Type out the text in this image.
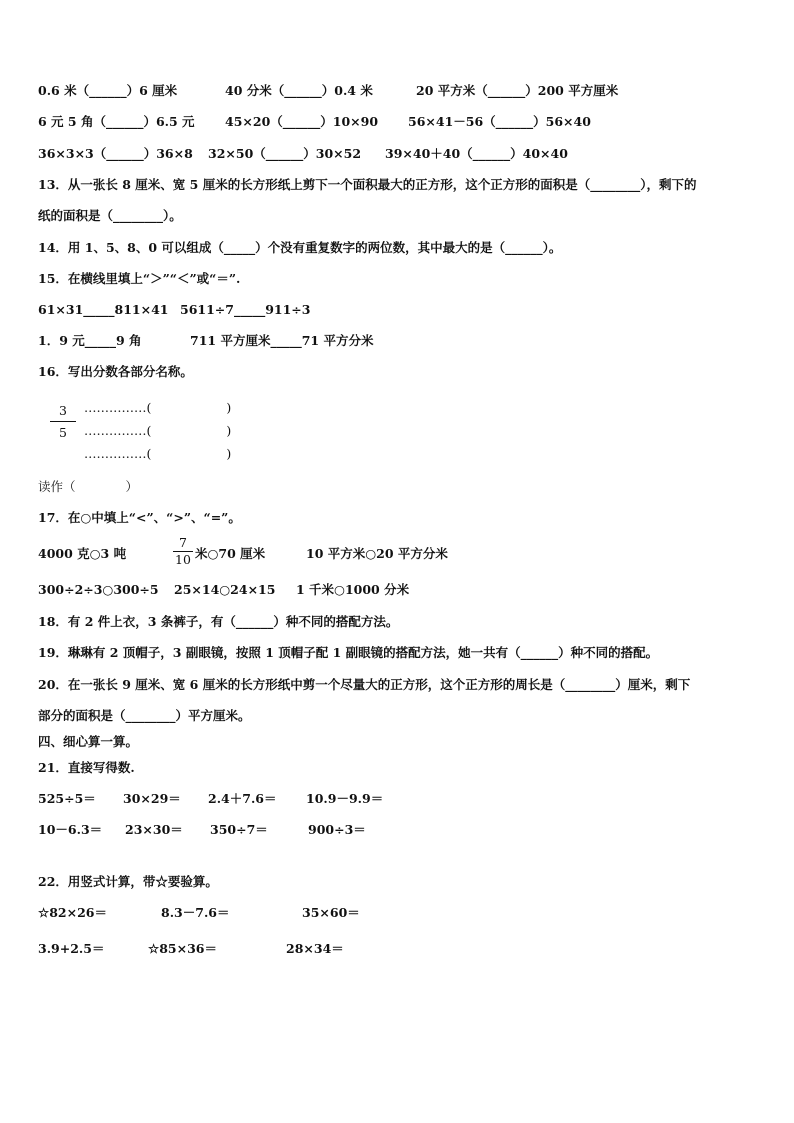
0.6 米（______）6 厘米	40 分米（______）0.4 米	20 平方米（______）200 平方厘米
6 元 5 角（______）6.5 元 45×20（______）10×90 56×41－56（______）56×40
36×3×3（______）36×8 32×50（______）30×52 39×40＋40（______）40×40
13．从一张长 8 厘米、宽 5 厘米的长方形纸上剪下一个面积最大的正方形，这个正方形的面积是（________），剩下的
纸的面积是（________）。
14．用 1、5、8、0 可以组成（_____）个没有重复数字的两位数，其中最大的是（______）。
15．在横线里填上“＞”“＜”或“＝”.
61×31_____811×41 5611÷7_____911÷3
1．9 元_____9 角	711 平方厘米_____71 平方分米
16．写出分数各部分名称。
3
5
……………(　　　　　　)
……………(　　　　　　)
……………(　　　　　　)
读作（　　　　）
17．在○中填上“<”、“>”、“=”。
4000 克○3 吨
7
10 米○70 厘米	10 平方米○20 平方分米
300÷2÷3○300÷5 25×14○24×15 1 千米○1000 分米
18．有 2 件上衣，3 条裤子，有（______）种不同的搭配方法。
19．琳琳有 2 顶帽子，3 副眼镜，按照 1 顶帽子配 1 副眼镜的搭配方法，她一共有（______）种不同的搭配。
20．在一张长 9 厘米、宽 6 厘米的长方形纸中剪一个尽量大的正方形，这个正方形的周长是（________）厘米，剩下
部分的面积是（________）平方厘米。
四、细心算一算。
21．直接写得数.
525÷5＝ 30×29＝ 2.4＋7.6＝ 10.9－9.9＝
10－6.3＝ 23×30＝ 350÷7＝	900÷3＝
22．用竖式计算，带☆要验算。
☆82×26＝	8.3－7.6＝	35×60＝
3.9+2.5＝	☆85×36＝	28×34＝
